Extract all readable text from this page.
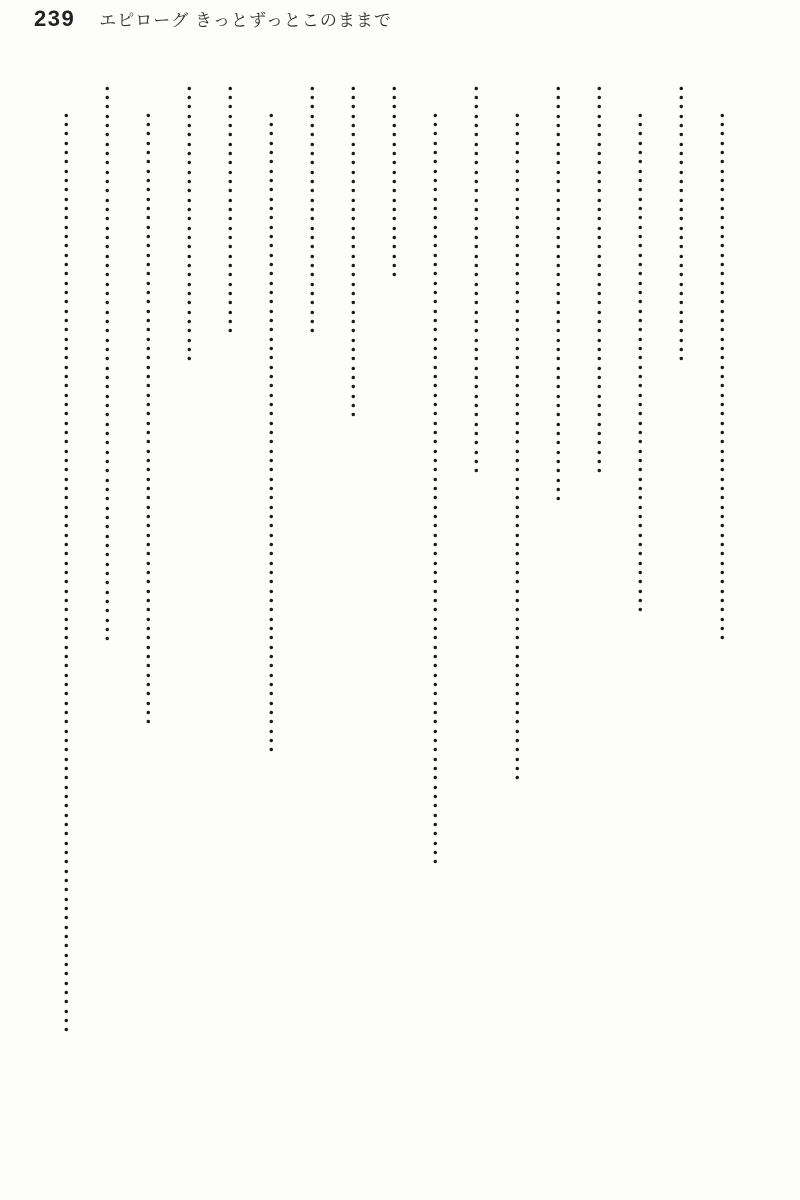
239 エピローグ きっとずっとこのままで

…………………………………………………

…………………………

………………………………………………

……………………………………

………………………………………

………………………………………………………………

……………………………………

………………………………………………………………………

…………………

………………………………

………………………

……………………………………………………………

………………………

…………………………

…………………………………………………………

……………………………………………………

………………………………………………………………………………………
